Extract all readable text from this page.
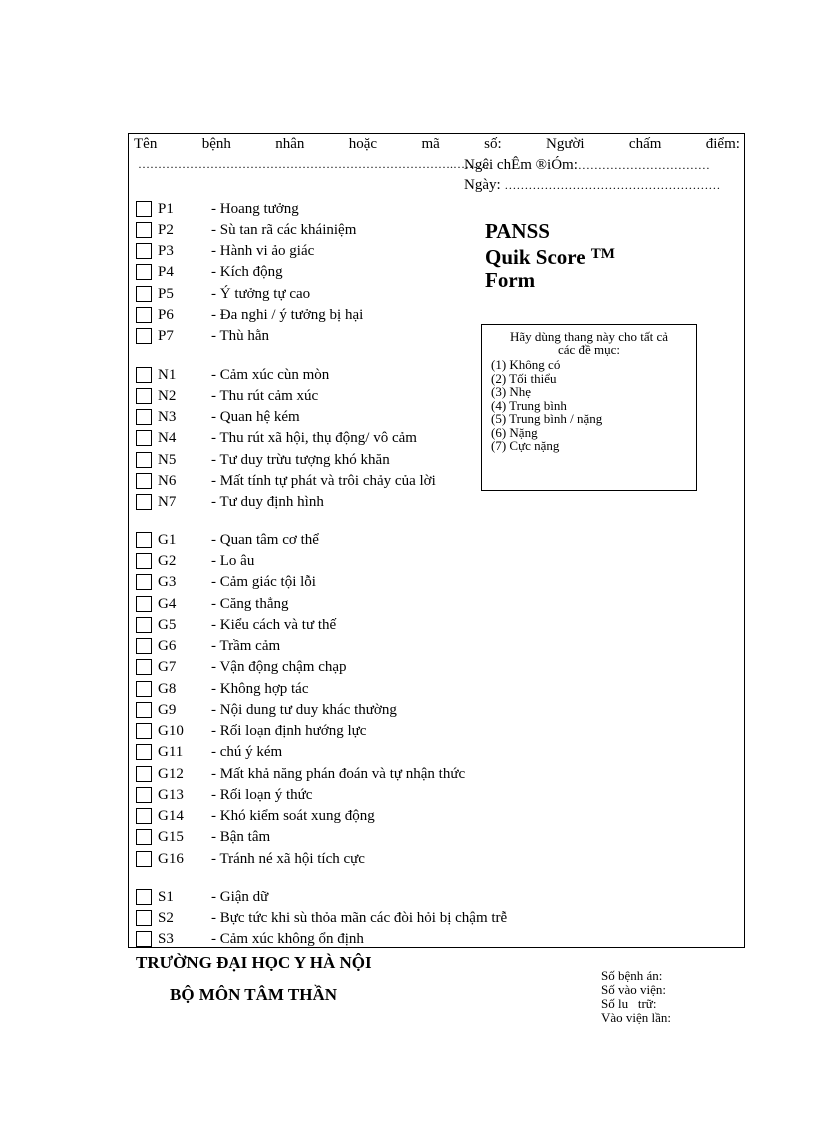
Tên	bệnh	nhân	hoặc	mã	số:	Người	chấm	điểm:
…………………………………………………………………….………
Ngêi chÊm ®iÓm:……………………………
Ngày: ………………………………………………
P1 - Hoang tưởng
P2 - Sù tan rã các kháiniệm
P3 - Hành vi ảo giác
P4 - Kích động
P5 - Ý tưởng tự cao
P6 - Đa nghi / ý tưởng bị hại
P7 - Thù hằn
N1 - Cảm xúc cùn mòn
N2 - Thu rút cảm xúc
N3 - Quan hệ kém
N4 - Thu rút xã hội, thụ động/ vô cảm
N5 - Tư duy trừu tượng khó khăn
N6 - Mất tính tự phát và trôi chảy của lời
N7 - Tư duy định hình
G1 - Quan tâm cơ thể
G2 - Lo âu
G3 - Cảm giác tội lỗi
G4 - Căng thẳng
G5 - Kiểu cách và tư thế
G6 - Trầm cảm
G7 - Vận động chậm chạp
G8 - Không hợp tác
G9 - Nội dung tư duy khác thường
G10 - Rối loạn định hướng lực
G11 - chú ý kém
G12 - Mất khả năng phán đoán và tự nhận thức
G13 - Rối loạn ý thức
G14 - Khó kiểm soát xung động
G15 - Bận tâm
G16 - Tránh né xã hội tích cực
S1 - Giận dữ
S2 - Bực tức khi sù thỏa mãn các đòi hỏi bị chậm trễ
S3 - Cảm xúc không ổn định
PANSS
Quik Score ™
Form
Hãy dùng thang này cho tất cả
các đề mục:
(1) Không có
(2) Tối thiểu
(3) Nhẹ
(4) Trung bình
(5) Trung bình / nặng
(6) Nặng
(7) Cực nặng
TRƯỜNG ĐẠI HỌC Y HÀ NỘI
BỘ MÔN TÂM THẦN
Số bệnh án:
Số vào viện:
Số lu   trữ:
Vào viện lần:
